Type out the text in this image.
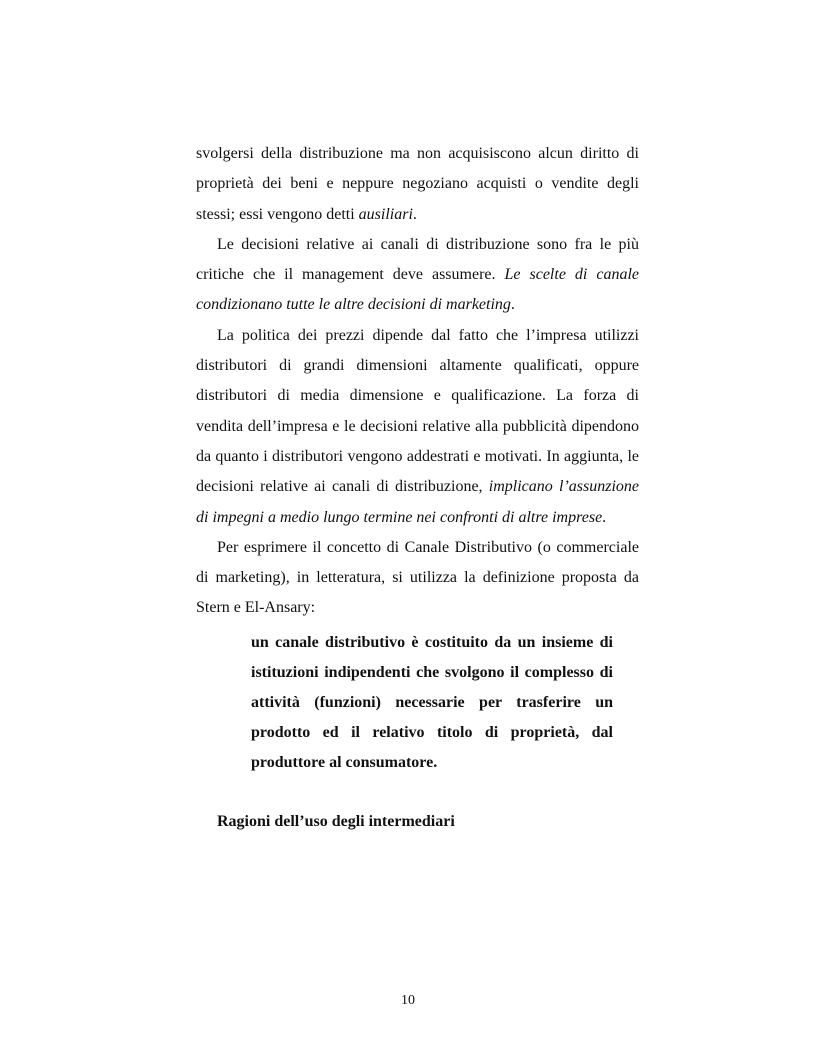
svolgersi della distribuzione ma non acquisiscono alcun diritto di proprietà dei beni e neppure negoziano acquisti o vendite degli stessi; essi vengono detti ausiliari.

Le decisioni relative ai canali di distribuzione sono fra le più critiche che il management deve assumere. Le scelte di canale condizionano tutte le altre decisioni di marketing.

La politica dei prezzi dipende dal fatto che l’impresa utilizzi distributori di grandi dimensioni altamente qualificati, oppure distributori di media dimensione e qualificazione. La forza di vendita dell’impresa e le decisioni relative alla pubblicità dipendono da quanto i distributori vengono addestrati e motivati. In aggiunta, le decisioni relative ai canali di distribuzione, implicano l’assunzione di impegni a medio lungo termine nei confronti di altre imprese.

Per esprimere il concetto di Canale Distributivo (o commerciale di marketing), in letteratura, si utilizza la definizione proposta da Stern e El-Ansary:

un canale distributivo è costituito da un insieme di istituzioni indipendenti che svolgono il complesso di attività (funzioni) necessarie per trasferire un prodotto ed il relativo titolo di proprietà, dal produttore al consumatore.

Ragioni dell’uso degli intermediari

10
